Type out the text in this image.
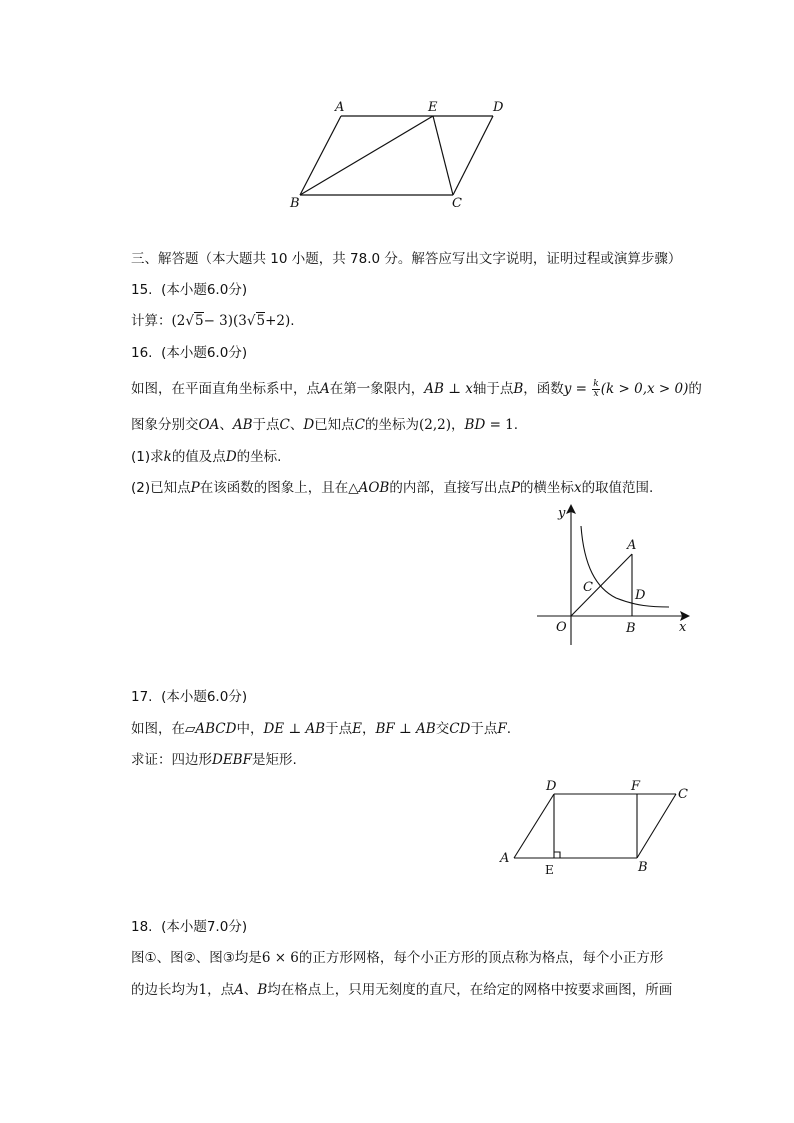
A	E	D
B	C
三、解答题（本大题共 10 小题，共 78.0 分。解答应写出文字说明，证明过程或演算步骤）
15. (本小题6.0分)
计算：(2√5− 3)(3√5+2).
16. (本小题6.0分)
如图，在平面直角坐标系中，点A在第一象限内，AB ⊥ x轴于点B，函数$y = \frac{k}{x} (k > 0,x > 0)$的
图象分别交OA、AB于点C、D已知点C的坐标为(2,2)，BD = 1.
(1)求k的值及点D的坐标.
(2)已知点P在该函数的图象上，且在△AOB的内部，直接写出点P的横坐标x的取值范围.
y
x
O
A
C
D
B
17. (本小题6.0分)
如图，在▱ABCD中，DE ⊥ AB于点E，BF ⊥ AB交CD于点F.
求证：四边形DEBF是矩形.
D	F
C
A
E	B
18. (本小题7.0分)
图①、图②、图③均是6 × 6的正方形网格，每个小正方形的顶点称为格点，每个小正方形
的边长均为1，点A、B均在格点上，只用无刻度的直尺，在给定的网格中按要求画图，所画
